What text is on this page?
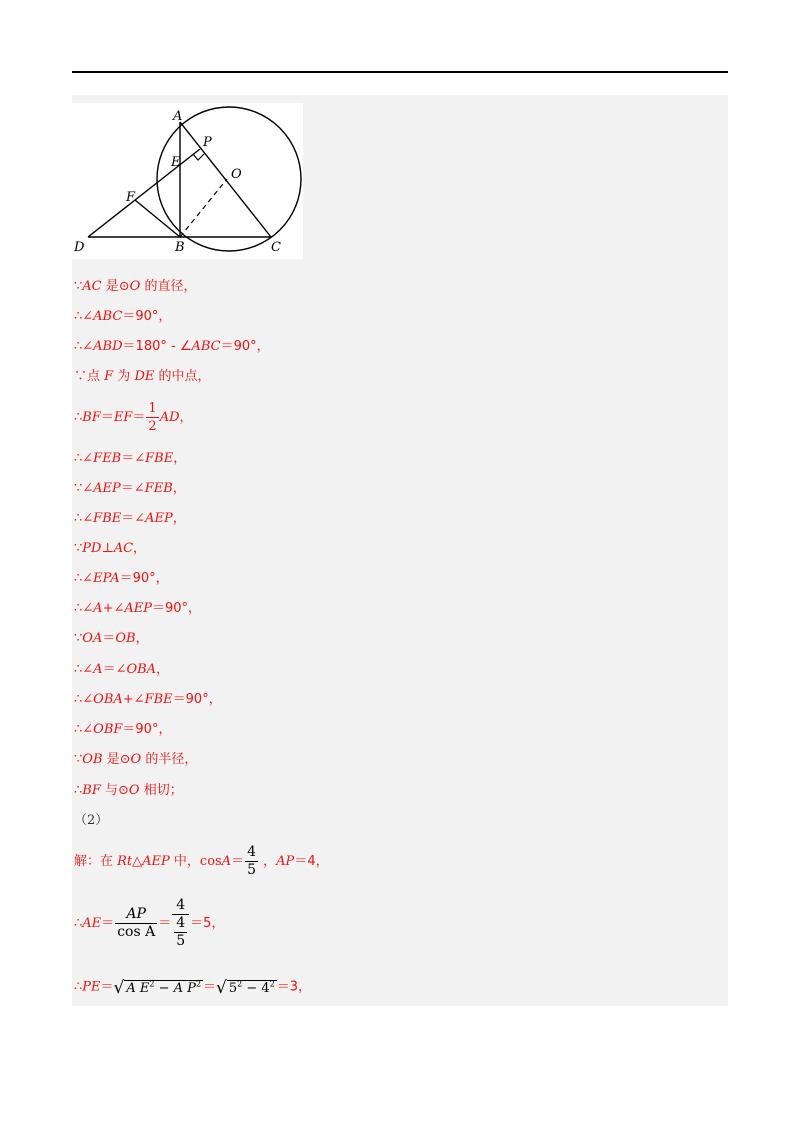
A
P
E
O
F
D	B	C
∵AC 是⊙O 的直径，
∴∠ABC＝90°，
∴∠ABD＝180° - ∠ABC＝90°，
∵点 F 为 DE 的中点，
∴BF＝EF＝ $\frac{1}{2}$ AD，
∴∠FEB＝∠FBE，
∵∠AEP＝∠FEB，
∴∠FBE＝∠AEP，
∵PD⊥AC，
∴∠EPA＝90°，
∴∠A+∠AEP＝90°，
∵OA＝OB，
∴∠A＝∠OBA，
∴∠OBA+∠FBE＝90°，
∴∠OBF＝90°，
∵OB 是⊙O 的半径，
∴BF 与⊙O 相切；
（2）
解：在 Rt△AEP 中，$\cos A= \frac{4}{5}$ ，AP＝4，
∴AE＝ $\frac{AP}{\text{cos A}} = \frac{4}{\frac{4}{5}} =5$，
∴PE＝√ A $E^2 - A$ $P^2$ ＝√ $5^2 - 4^2 =3$，
